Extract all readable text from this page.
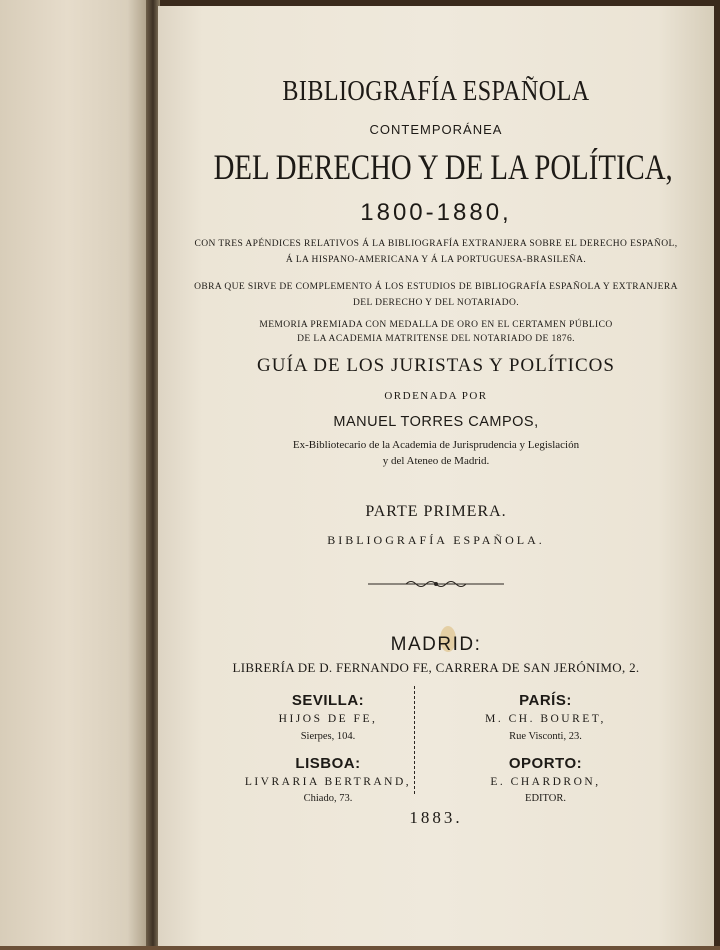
BIBLIOGRAFÍA ESPAÑOLA
CONTEMPORÁNEA
DEL DERECHO Y DE LA POLÍTICA,
1800-1880,
CON TRES APÉNDICES RELATIVOS Á LA BIBLIOGRAFÍA EXTRANJERA SOBRE EL DERECHO ESPAÑOL,
Á LA HISPANO-AMERICANA Y Á LA PORTUGUESA-BRASILEÑA.
OBRA QUE SIRVE DE COMPLEMENTO Á LOS ESTUDIOS DE BIBLIOGRAFÍA ESPAÑOLA Y EXTRANJERA
DEL DERECHO Y DEL NOTARIADO.
MEMORIA PREMIADA CON MEDALLA DE ORO EN EL CERTAMEN PÚBLICO
DE LA ACADEMIA MATRITENSE DEL NOTARIADO DE 1876.
GUÍA DE LOS JURISTAS Y POLÍTICOS
ORDENADA POR
MANUEL TORRES CAMPOS,
Ex-Bibliotecario de la Academia de Jurisprudencia y Legislación
y del Ateneo de Madrid.
PARTE PRIMERA.
BIBLIOGRAFÍA ESPAÑOLA.
MADRID:
LIBRERÍA DE D. FERNANDO FE, CARRERA DE SAN JERÓNIMO, 2.
SEVILLA:
HIJOS DE FE,
Sierpes, 104.
PARÍS:
M. CH. BOURET,
Rue Visconti, 23.
LISBOA:
LIVRARIA BERTRAND,
Chiado, 73.
OPORTO:
E. CHARDRON,
EDITOR.
1883.
